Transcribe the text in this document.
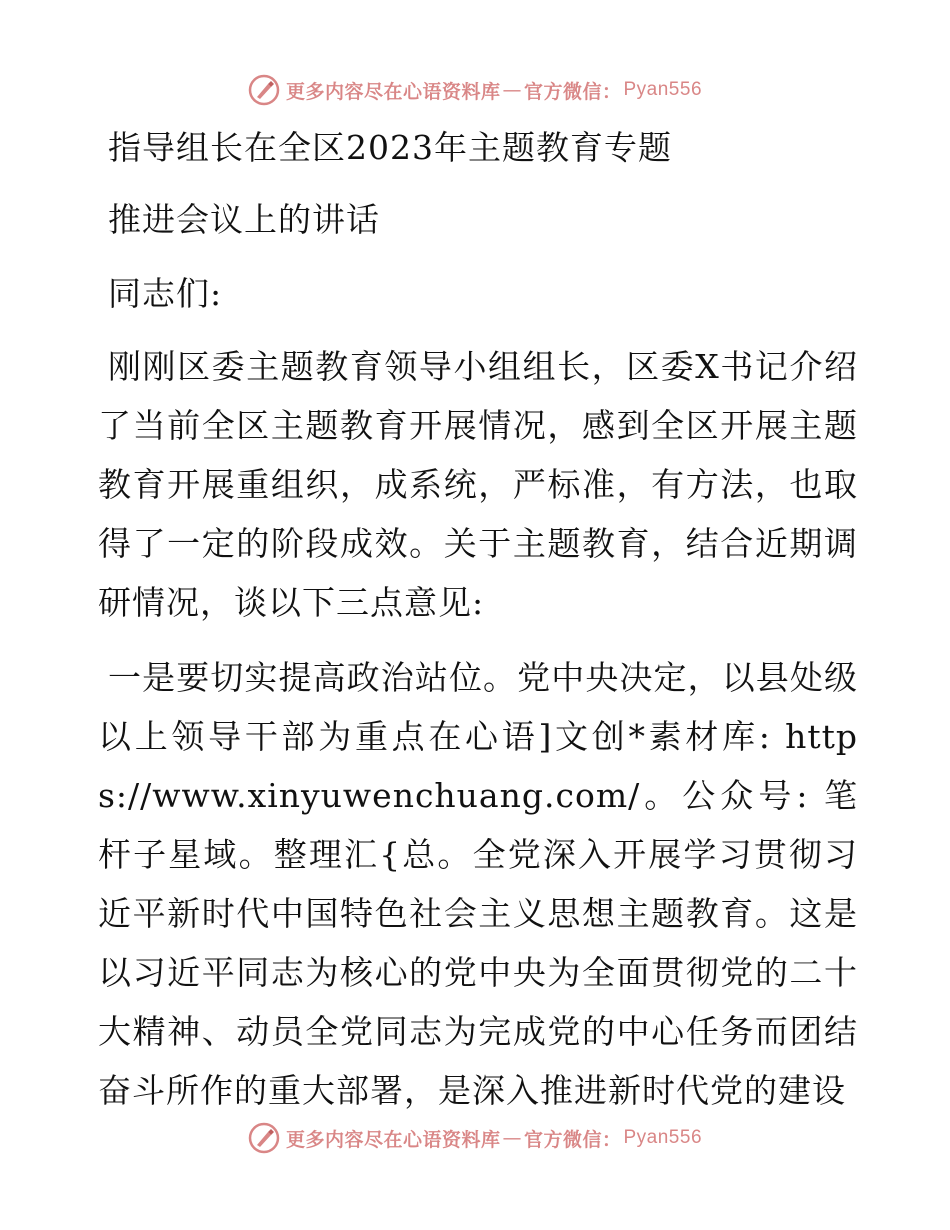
更多内容尽在心语资料库 — 官方微信： Pyan556
指导组长在全区2023年主题教育专题
推进会议上的讲话
同志们:
刚刚区委主题教育领导小组组长，区委X书记介绍了当前全区主题教育开展情况，感到全区开展主题教育开展重组织，成系统，严标准，有方法，也取得了一定的阶段成效。关于主题教育，结合近期调研情况，谈以下三点意见:
一是要切实提高政治站位。党中央决定，以县处级以上领导干部为重点在心语]文创*素材库: https://www.xinyuwenchuang.com/。公众号: 笔杆子星域。整理汇{总。全党深入开展学习贯彻习近平新时代中国特色社会主义思想主题教育。这是以习近平同志为核心的党中央为全面贯彻党的二十大精神、动员全党同志为完成党的中心任务而团结奋斗所作的重大部署，是深入推进新时代党的建设
更多内容尽在心语资料库 — 官方微信： Pyan556
